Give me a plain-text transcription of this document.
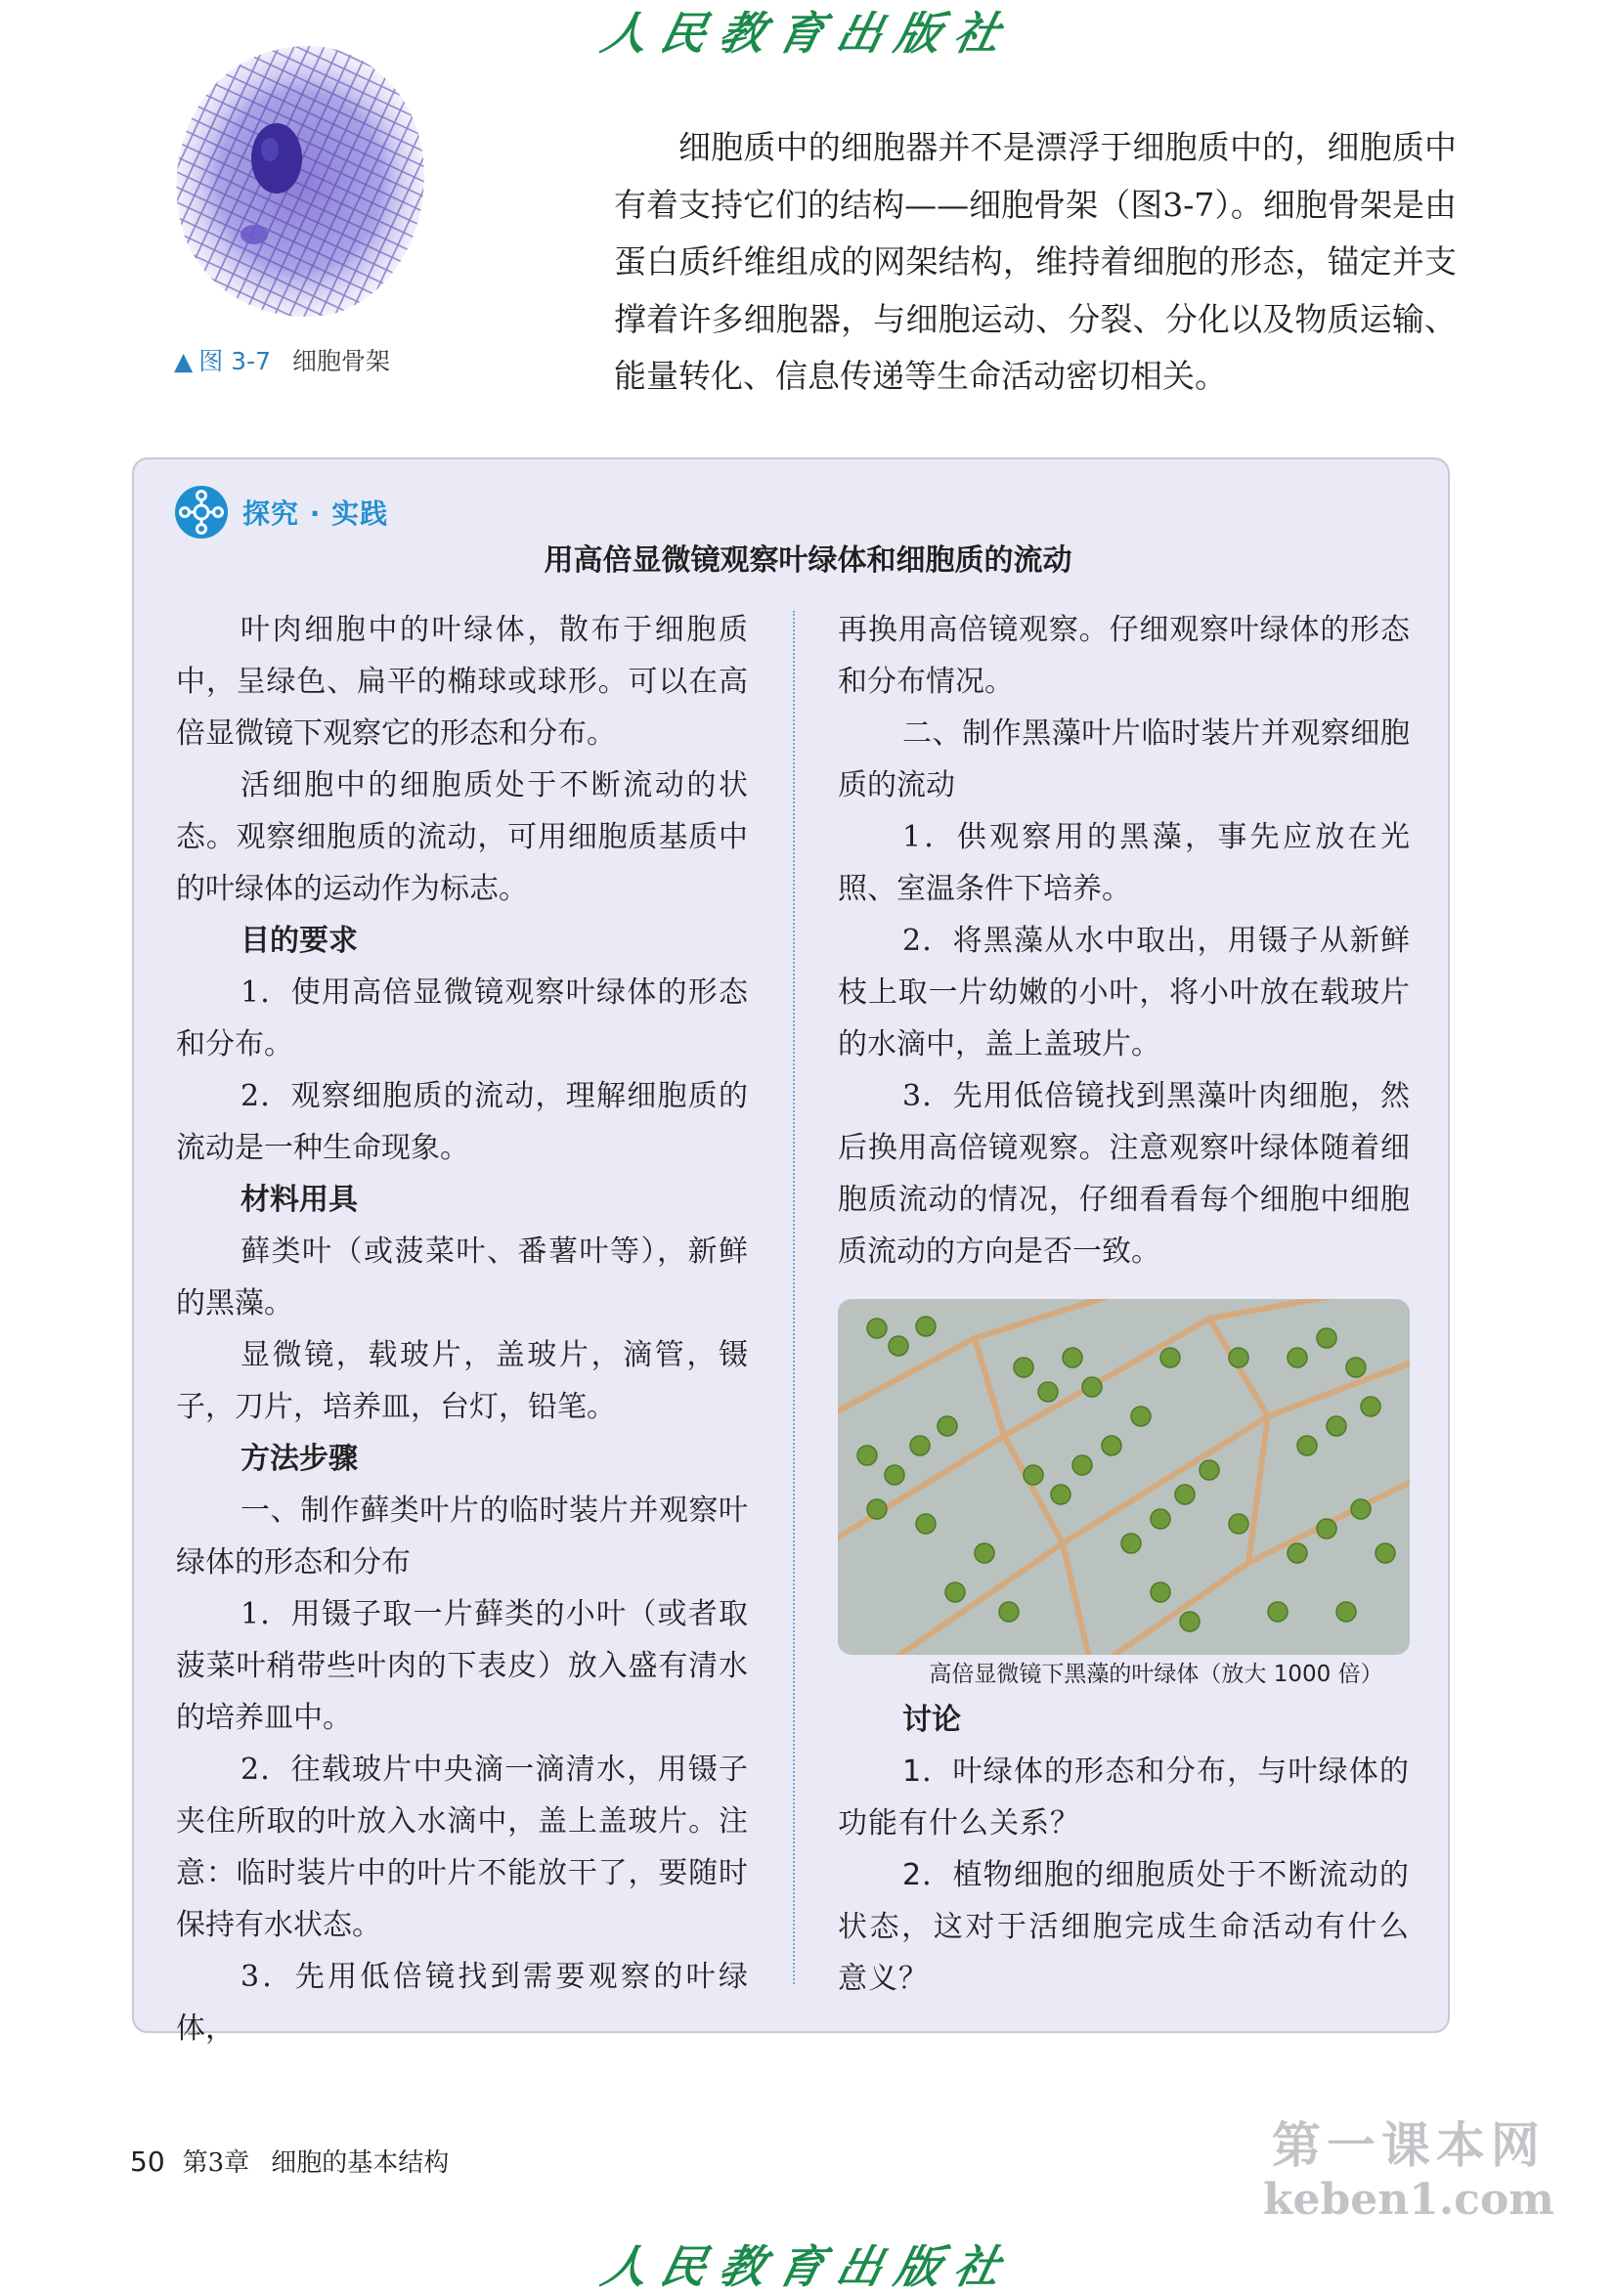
人民教育出版社
▲ 图 3-7 细胞骨架
细胞质中的细胞器并不是漂浮于细胞质中的，细胞质中有着支持它们的结构——细胞骨架（图3-7）。细胞骨架是由蛋白质纤维组成的网架结构，维持着细胞的形态，锚定并支撑着许多细胞器，与细胞运动、分裂、分化以及物质运输、能量转化、信息传递等生命活动密切相关。
探究 · 实践
用高倍显微镜观察叶绿体和细胞质的流动

叶肉细胞中的叶绿体，散布于细胞质中，呈绿色、扁平的椭球或球形。可以在高倍显微镜下观察它的形态和分布。

活细胞中的细胞质处于不断流动的状态。观察细胞质的流动，可用细胞质基质中的叶绿体的运动作为标志。

目的要求

1．使用高倍显微镜观察叶绿体的形态和分布。

2．观察细胞质的流动，理解细胞质的流动是一种生命现象。

材料用具

藓类叶（或菠菜叶、番薯叶等），新鲜的黑藻。

显微镜，载玻片，盖玻片，滴管，镊子，刀片，培养皿，台灯，铅笔。

方法步骤

一、制作藓类叶片的临时装片并观察叶绿体的形态和分布

1．用镊子取一片藓类的小叶（或者取菠菜叶稍带些叶肉的下表皮）放入盛有清水的培养皿中。

2．往载玻片中央滴一滴清水，用镊子夹住所取的叶放入水滴中，盖上盖玻片。注意：临时装片中的叶片不能放干了，要随时保持有水状态。

3．先用低倍镜找到需要观察的叶绿体，

再换用高倍镜观察。仔细观察叶绿体的形态和分布情况。

二、制作黑藻叶片临时装片并观察细胞质的流动

1．供观察用的黑藻，事先应放在光照、室温条件下培养。

2．将黑藻从水中取出，用镊子从新鲜枝上取一片幼嫩的小叶，将小叶放在载玻片的水滴中，盖上盖玻片。

3．先用低倍镜找到黑藻叶肉细胞，然后换用高倍镜观察。注意观察叶绿体随着细胞质流动的情况，仔细看看每个细胞中细胞质流动的方向是否一致。

高倍显微镜下黑藻的叶绿体（放大 1000 倍）

讨论

1．叶绿体的形态和分布，与叶绿体的功能有什么关系？

2．植物细胞的细胞质处于不断流动的状态，这对于活细胞完成生命活动有什么意义？

50 第3章 细胞的基本结构	第一课本网
keben1.com
人民教育出版社
